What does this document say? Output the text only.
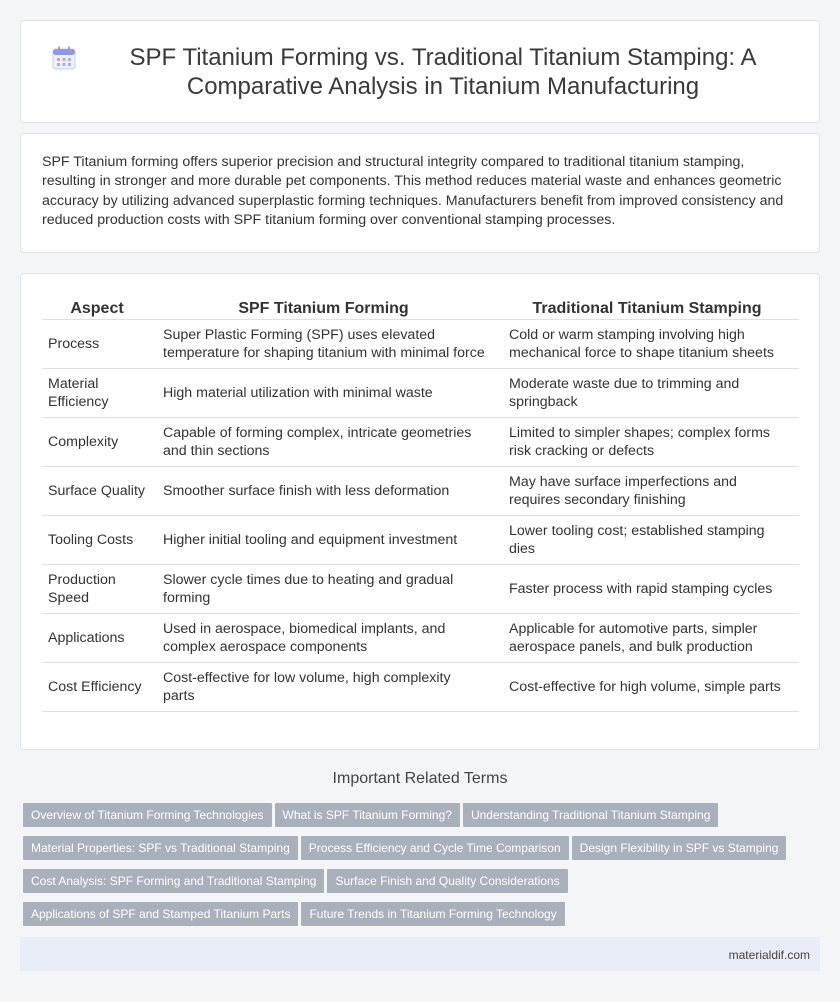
SPF Titanium Forming vs. Traditional Titanium Stamping: A Comparative Analysis in Titanium Manufacturing

SPF Titanium forming offers superior precision and structural integrity compared to traditional titanium stamping, resulting in stronger and more durable pet components. This method reduces material waste and enhances geometric accuracy by utilizing advanced superplastic forming techniques. Manufacturers benefit from improved consistency and reduced production costs with SPF titanium forming over conventional stamping processes.

Aspect	SPF Titanium Forming	Traditional Titanium Stamping
Process	Super Plastic Forming (SPF) uses elevated temperature for shaping titanium with minimal force	Cold or warm stamping involving high mechanical force to shape titanium sheets
Material Efficiency	High material utilization with minimal waste	Moderate waste due to trimming and springback
Complexity	Capable of forming complex, intricate geometries and thin sections	Limited to simpler shapes; complex forms risk cracking or defects
Surface Quality	Smoother surface finish with less deformation	May have surface imperfections and requires secondary finishing
Tooling Costs	Higher initial tooling and equipment investment	Lower tooling cost; established stamping dies
Production Speed	Slower cycle times due to heating and gradual forming	Faster process with rapid stamping cycles
Applications	Used in aerospace, biomedical implants, and complex aerospace components	Applicable for automotive parts, simpler aerospace panels, and bulk production
Cost Efficiency	Cost-effective for low volume, high complexity parts	Cost-effective for high volume, simple parts
Important Related Terms
Overview of Titanium Forming Technologies What is SPF Titanium Forming? Understanding Traditional Titanium Stamping
Material Properties: SPF vs Traditional Stamping Process Efficiency and Cycle Time Comparison Design Flexibility in SPF vs Stamping
Cost Analysis: SPF Forming and Traditional Stamping Surface Finish and Quality Considerations
Applications of SPF and Stamped Titanium Parts Future Trends in Titanium Forming Technology
materialdif.com
